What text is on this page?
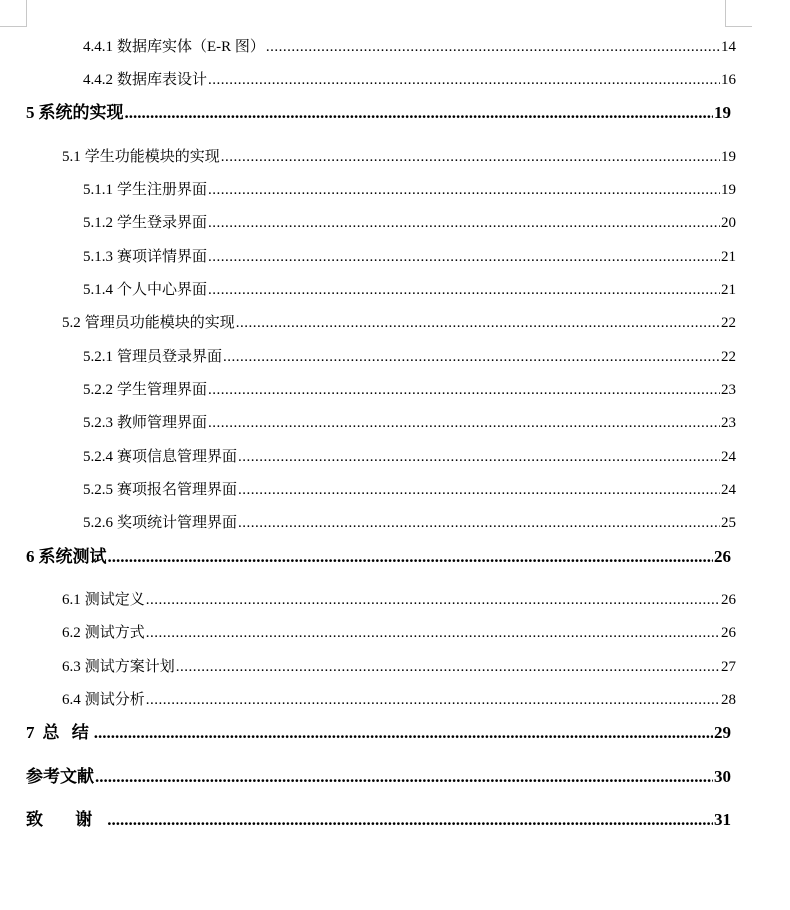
4.4.1 数据库实体（E-R 图） .....	14
4.4.2 数据库表设计 .....	16
5 系统的实现 .....	19
5.1 学生功能模块的实现 .....	19
5.1.1 学生注册界面 .....	19
5.1.2 学生登录界面 .....	20
5.1.3 赛项详情界面 .....	21
5.1.4 个人中心界面 .....	21
5.2 管理员功能模块的实现 .....	22
5.2.1 管理员登录界面 .....	22
5.2.2 学生管理界面 .....	23
5.2.3 教师管理界面 .....	23
5.2.4 赛项信息管理界面 .....	24
5.2.5 赛项报名管理界面 .....	24
5.2.6 奖项统计管理界面 .....	25
6 系统测试 .....	26
6.1 测试定义 .....	26
6.2 测试方式 .....	26
6.3 测试方案计划 .....	27
6.4 测试分析 .....	28
7 总 结 .....	29
参考文献 .....	30
致 谢 .....	31
